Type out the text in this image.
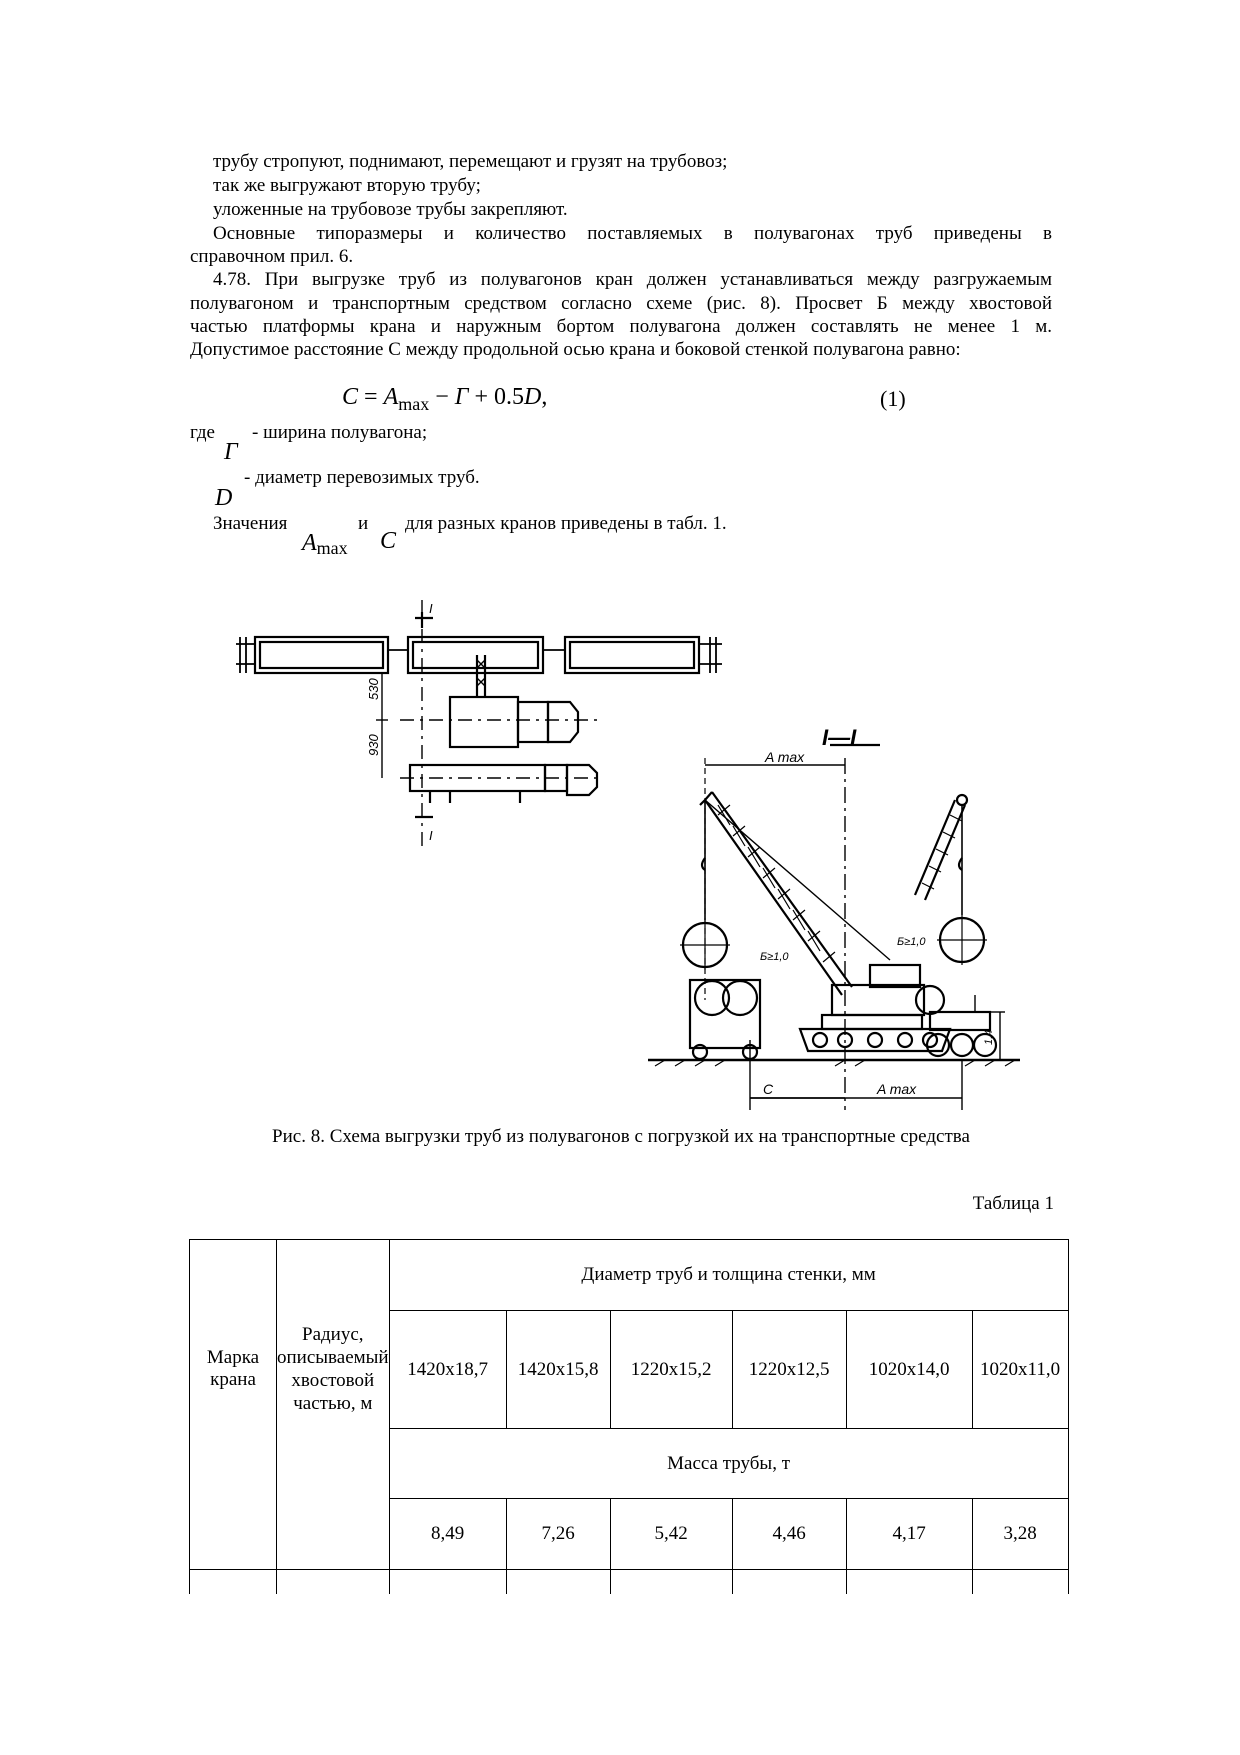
трубу стропуют, поднимают, перемещают и грузят на трубовоз;
так же выгружают вторую трубу;
уложенные на трубовозе трубы закрепляют.
Основные типоразмеры и количество поставляемых в полувагонах труб приведены в
справочном прил. 6.
4.78. При выгрузке труб из полувагонов кран должен устанавливаться между разгружаемым
полувагоном и транспортным средством согласно схеме (рис. 8). Просвет Б между хвостовой
частью платформы крана и наружным бортом полувагона должен составлять не менее 1 м.
Допустимое расстояние С между продольной осью крана и боковой стенкой полувагона равно:
$C = A_{max} - Г + 0.5D$,	(1)
где - ширина полувагона;
Г
- диаметр перевозимых труб.
D
Значения	и для разных кранов приведены в табл. 1.
Amax C
I
I
530
930	I—I
A max
A max
C
Б≥1,0
Б≥1,0
1,4
Рис. 8. Схема выгрузки труб из полувагонов с погрузкой их на транспортные средства
Таблица 1
Марка крана	Радиус, описываемый хвостовой частью, м	Диаметр труб и толщина стенки, мм					
		1420х18,7	1420х15,8	1220х15,2	1220х12,5	1020х14,0	1020х11,0
		Масса трубы, т					
		8,49	7,26	5,42	4,46	4,17	3,28
